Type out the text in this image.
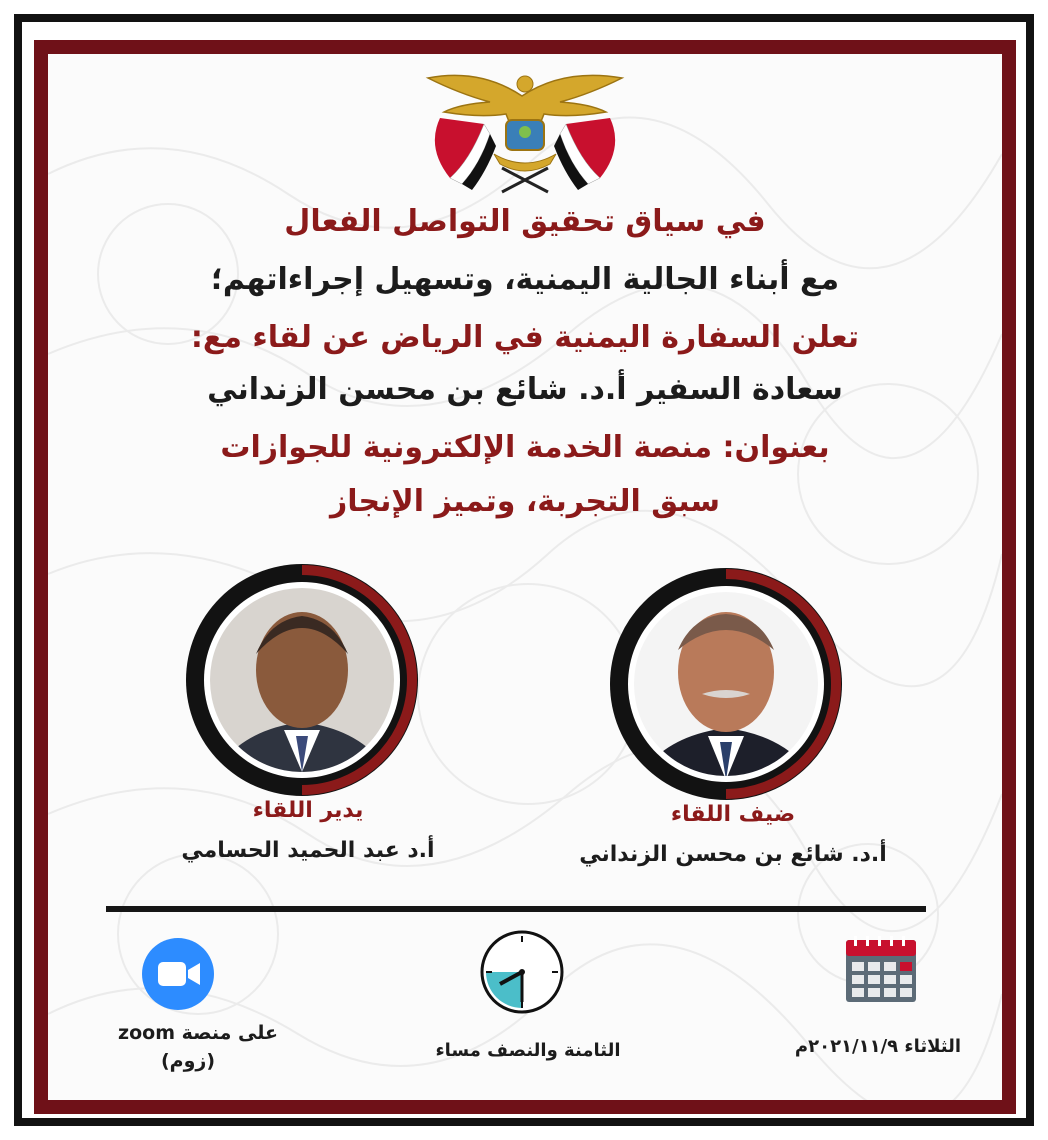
في سياق تحقيق التواصل الفعال
مع أبناء الجالية اليمنية، وتسهيل إجراءاتهم؛
تعلن السفارة اليمنية في الرياض عن لقاء مع:
سعادة السفير أ.د. شائع بن محسن الزنداني
بعنوان: منصة الخدمة الإلكترونية للجوازات
سبق التجربة، وتميز الإنجاز
يدير اللقاء
أ.د عبد الحميد الحسامي
ضيف اللقاء
أ.د. شائع بن محسن الزنداني
على منصة zoom
(زوم)	الثامنة والنصف مساء	الثلاثاء ٢٠٢١/١١/٩م
